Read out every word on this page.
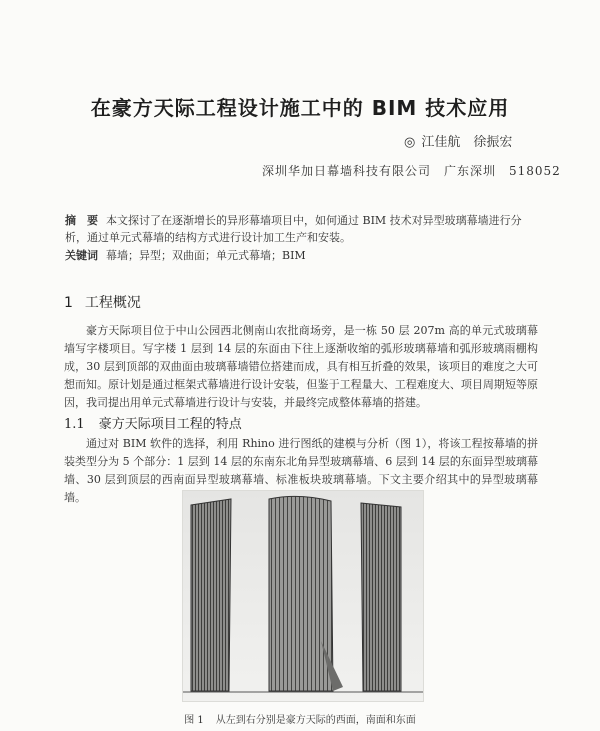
在豪方天际工程设计施工中的 BIM 技术应用
◎ 江佳航　徐振宏
深圳华加日幕墙科技有限公司　广东深圳　518052
摘　要 本文探讨了在逐渐增长的异形幕墙项目中，如何通过 BIM 技术对异型玻璃幕墙进行分析，通过单元式幕墙的结构方式进行设计加工生产和安装。
关键词 幕墙；异型；双曲面；单元式幕墙；BIM
1 工程概况
豪方天际项目位于中山公园西北侧南山农批商场旁，是一栋 50 层 207m 高的单元式玻璃幕墙写字楼项目。写字楼 1 层到 14 层的东面由下往上逐渐收缩的弧形玻璃幕墙和弧形玻璃雨棚构成，30 层到顶部的双曲面由玻璃幕墙错位搭建而成，具有相互折叠的效果，该项目的难度之大可想而知。原计划是通过框架式幕墙进行设计安装，但鉴于工程量大、工程难度大、项目周期短等原因，我司提出用单元式幕墙进行设计与安装，并最终完成整体幕墙的搭建。
1.1 豪方天际项目工程的特点
通过对 BIM 软件的选择，利用 Rhino 进行图纸的建模与分析（图 1），将该工程按幕墙的拼装类型分为 5 个部分：1 层到 14 层的东南东北角异型玻璃幕墙、6 层到 14 层的东面异型玻璃幕墙、30 层到顶层的西南面异型玻璃幕墙、标准板块玻璃幕墙。下文主要介绍其中的异型玻璃幕墙。
图 1 从左到右分别是豪方天际的西面，南面和东面
